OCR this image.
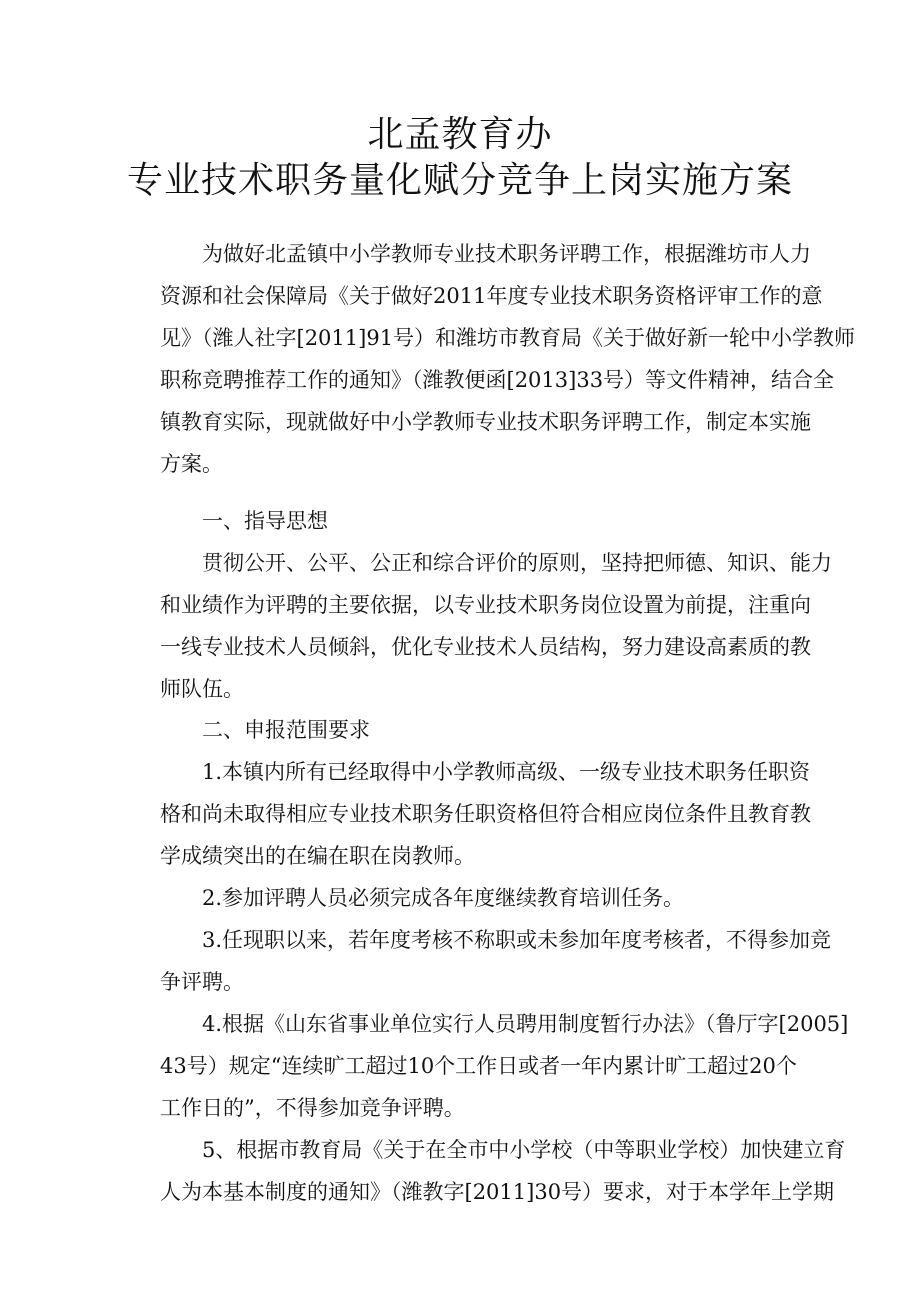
北孟教育办
专业技术职务量化赋分竞争上岗实施方案
为做好北孟镇中小学教师专业技术职务评聘工作，根据潍坊市人力
资源和社会保障局《关于做好2011年度专业技术职务资格评审工作的意
见》（潍人社字[2011]91号）和潍坊市教育局《关于做好新一轮中小学教师
职称竞聘推荐工作的通知》（潍教便函[2013]33号）等文件精神，结合全
镇教育实际，现就做好中小学教师专业技术职务评聘工作，制定本实施
方案。
一、指导思想
贯彻公开、公平、公正和综合评价的原则，坚持把师德、知识、能力
和业绩作为评聘的主要依据，以专业技术职务岗位设置为前提，注重向
一线专业技术人员倾斜，优化专业技术人员结构，努力建设高素质的教
师队伍。
二、申报范围要求
1.本镇内所有已经取得中小学教师高级、一级专业技术职务任职资
格和尚未取得相应专业技术职务任职资格但符合相应岗位条件且教育教
学成绩突出的在编在职在岗教师。
2.参加评聘人员必须完成各年度继续教育培训任务。
3.任现职以来，若年度考核不称职或未参加年度考核者，不得参加竞
争评聘。
4.根据《山东省事业单位实行人员聘用制度暂行办法》（鲁厅字[2005]
43号）规定“连续旷工超过10个工作日或者一年内累计旷工超过20个
工作日的”，不得参加竞争评聘。
5、根据市教育局《关于在全市中小学校（中等职业学校）加快建立育
人为本基本制度的通知》（潍教字[2011]30号）要求，对于本学年上学期
